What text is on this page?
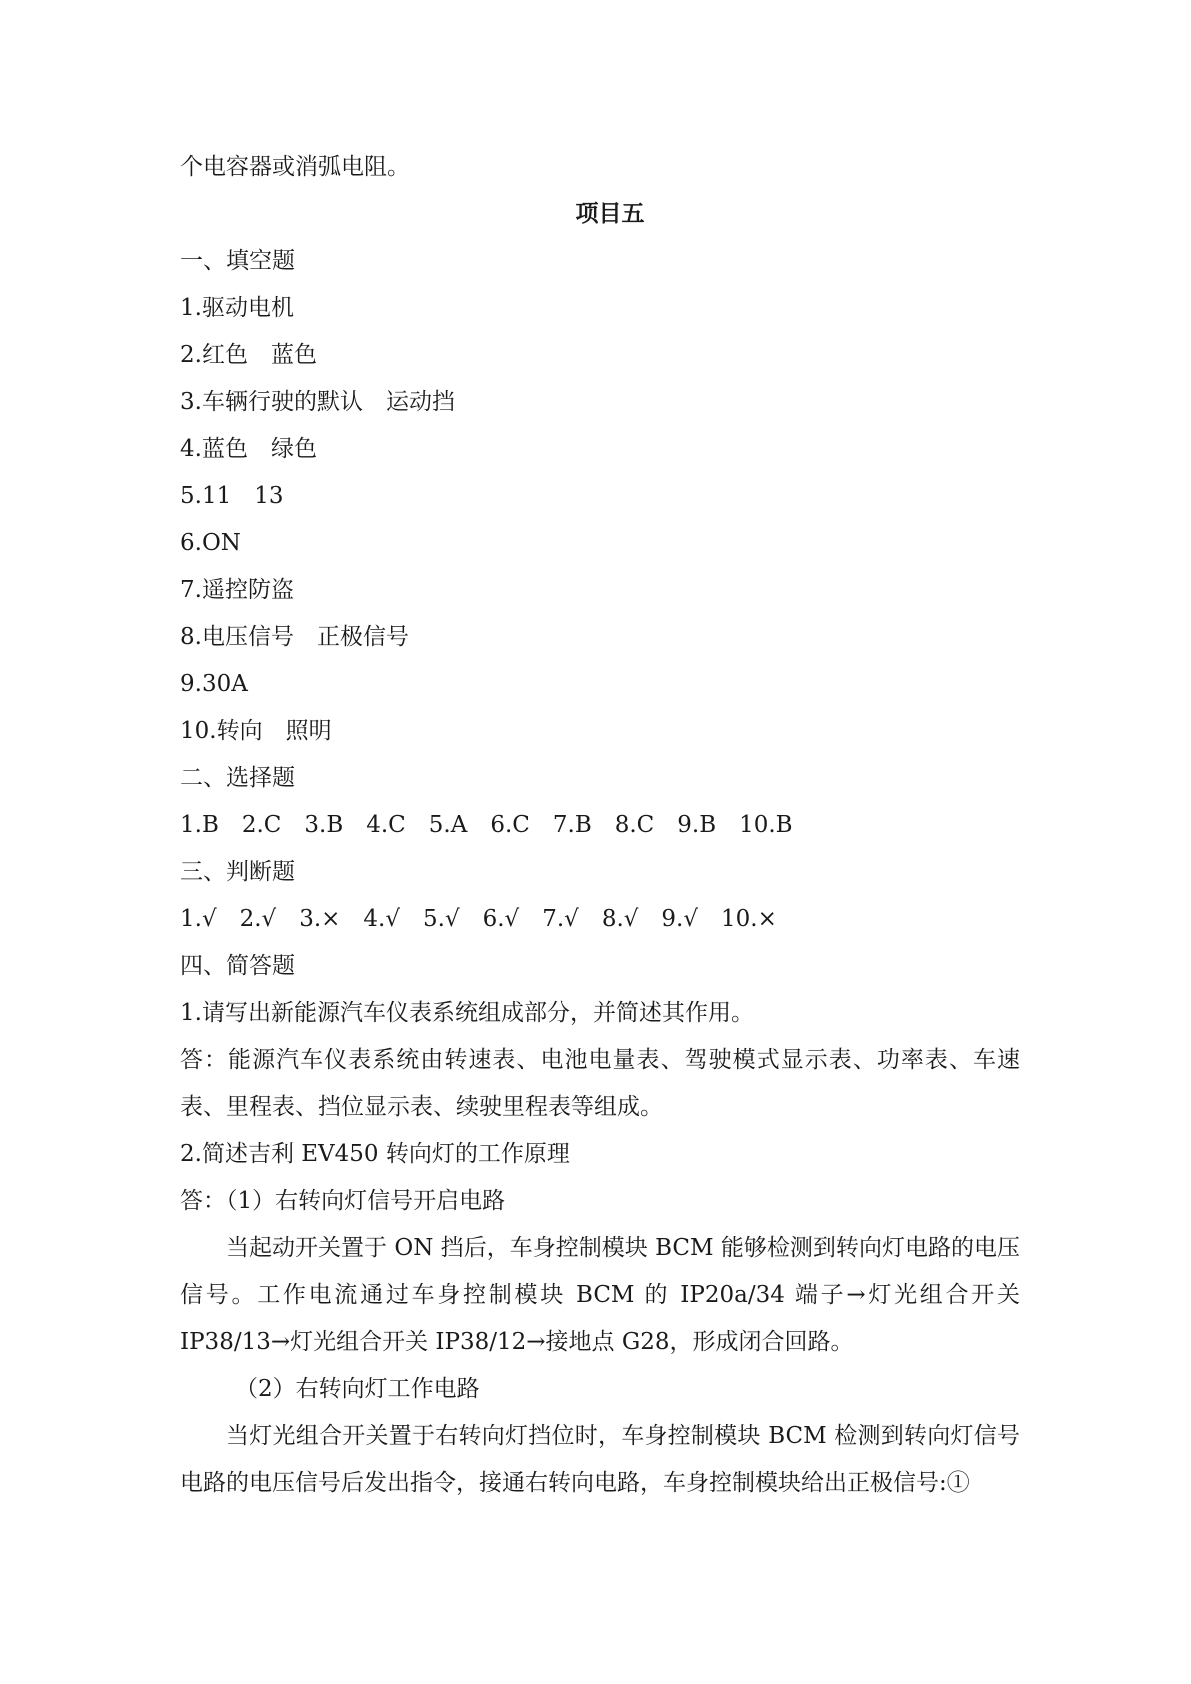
个电容器或消弧电阻。
项目五
一、填空题
1.驱动电机
2.红色　蓝色
3.车辆行驶的默认　运动挡
4.蓝色　绿色
5.11　13
6.ON
7.遥控防盗
8.电压信号　正极信号
9.30A
10.转向　照明
二、选择题
1.B　2.C　3.B　4.C　5.A　6.C　7.B　8.C　9.B　10.B
三、判断题
1.√　2.√　3.×　4.√　5.√　6.√　7.√　8.√　9.√　10.×
四、简答题
1.请写出新能源汽车仪表系统组成部分，并简述其作用。
答：能源汽车仪表系统由转速表、电池电量表、驾驶模式显示表、功率表、车速表、里程表、挡位显示表、续驶里程表等组成。
2.简述吉利 EV450 转向灯的工作原理
答：（1）右转向灯信号开启电路
当起动开关置于 ON 挡后，车身控制模块 BCM 能够检测到转向灯电路的电压信号。工作电流通过车身控制模块 BCM 的 IP20a/34 端子→灯光组合开关 IP38/13→灯光组合开关 IP38/12→接地点 G28，形成闭合回路。
（2）右转向灯工作电路
当灯光组合开关置于右转向灯挡位时，车身控制模块 BCM 检测到转向灯信号电路的电压信号后发出指令，接通右转向电路，车身控制模块给出正极信号:①
